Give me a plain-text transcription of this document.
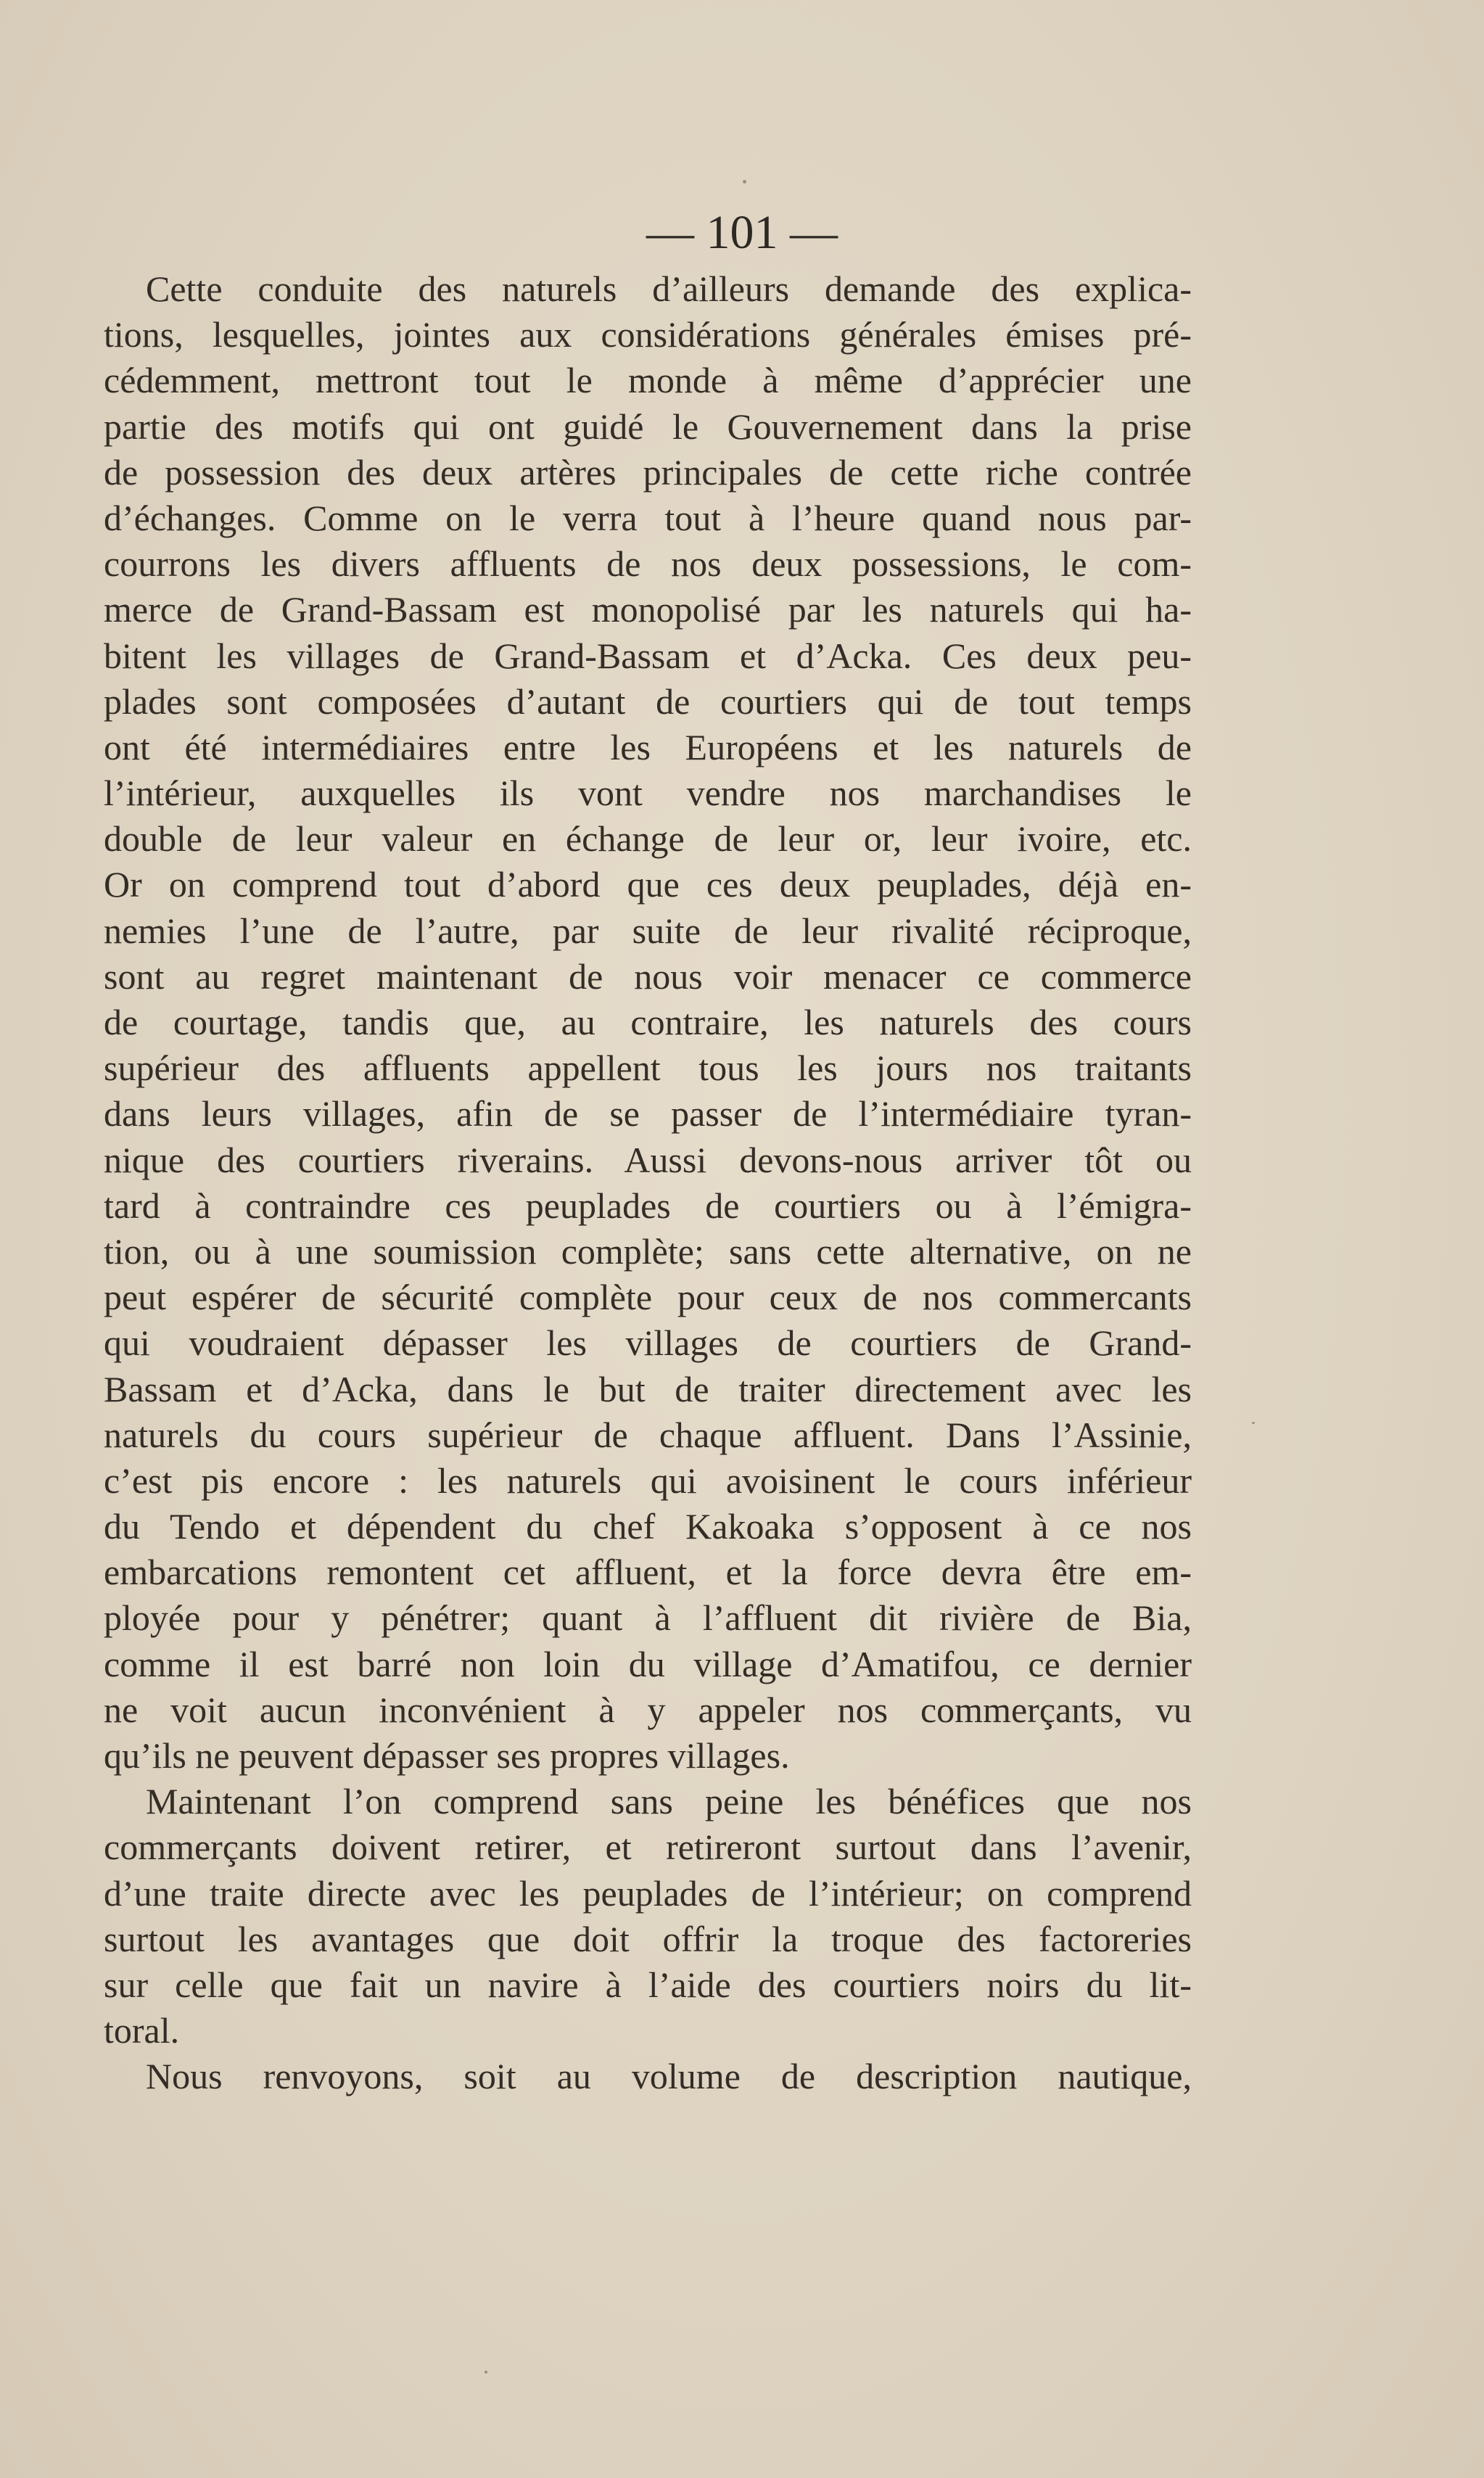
— 101 —
Cette conduite des naturels d’ailleurs demande des explica-
tions, lesquelles, jointes aux considérations générales émises pré-
cédemment, mettront tout le monde à même d’apprécier une
partie des motifs qui ont guidé le Gouvernement dans la prise
de possession des deux artères principales de cette riche contrée
d’échanges. Comme on le verra tout à l’heure quand nous par-
courrons les divers affluents de nos deux possessions, le com-
merce de Grand-Bassam est monopolisé par les naturels qui ha-
bitent les villages de Grand-Bassam et d’Acka. Ces deux peu-
plades sont composées d’autant de courtiers qui de tout temps
ont été intermédiaires entre les Européens et les naturels de
l’intérieur, auxquelles ils vont vendre nos marchandises le
double de leur valeur en échange de leur or, leur ivoire, etc.
Or on comprend tout d’abord que ces deux peuplades, déjà en-
nemies l’une de l’autre, par suite de leur rivalité réciproque,
sont au regret maintenant de nous voir menacer ce commerce
de courtage, tandis que, au contraire, les naturels des cours
supérieur des affluents appellent tous les jours nos traitants
dans leurs villages, afin de se passer de l’intermédiaire tyran-
nique des courtiers riverains. Aussi devons-nous arriver tôt ou
tard à contraindre ces peuplades de courtiers ou à l’émigra-
tion, ou à une soumission complète; sans cette alternative, on ne
peut espérer de sécurité complète pour ceux de nos commercants
qui voudraient dépasser les villages de courtiers de Grand-
Bassam et d’Acka, dans le but de traiter directement avec les
naturels du cours supérieur de chaque affluent. Dans l’Assinie,
c’est pis encore : les naturels qui avoisinent le cours inférieur
du Tendo et dépendent du chef Kakoaka s’opposent à ce nos
embarcations remontent cet affluent, et la force devra être em-
ployée pour y pénétrer; quant à l’affluent dit rivière de Bia,
comme il est barré non loin du village d’Amatifou, ce dernier
ne voit aucun inconvénient à y appeler nos commerçants, vu
qu’ils ne peuvent dépasser ses propres villages.
Maintenant l’on comprend sans peine les bénéfices que nos
commerçants doivent retirer, et retireront surtout dans l’avenir,
d’une traite directe avec les peuplades de l’intérieur; on comprend
surtout les avantages que doit offrir la troque des factoreries
sur celle que fait un navire à l’aide des courtiers noirs du lit-
toral.
Nous renvoyons, soit au volume de description nautique,
